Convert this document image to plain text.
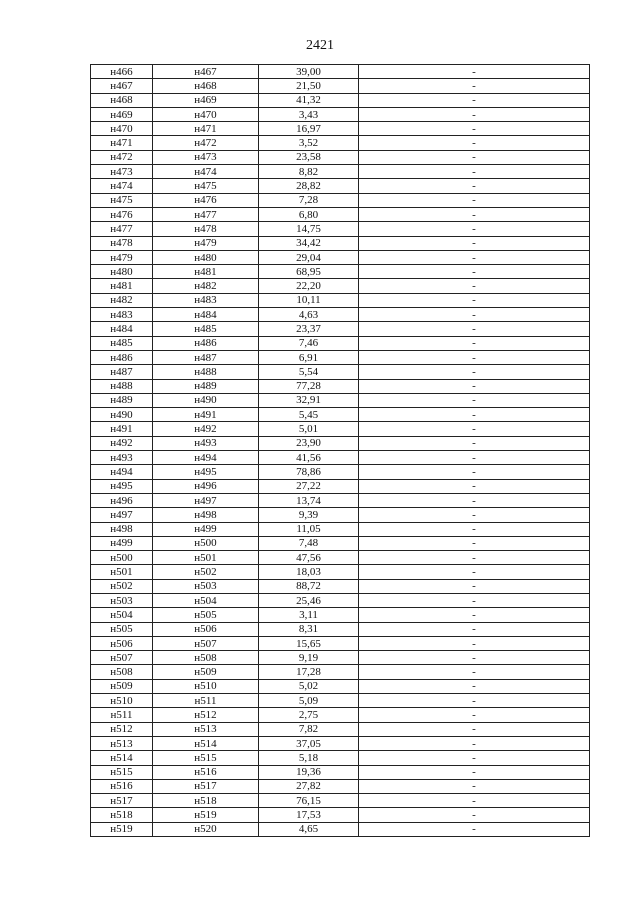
2421
н466	н467	39,00	-
н467	н468	21,50	-
н468	н469	41,32	-
н469	н470	3,43	-
н470	н471	16,97	-
н471	н472	3,52	-
н472	н473	23,58	-
н473	н474	8,82	-
н474	н475	28,82	-
н475	н476	7,28	-
н476	н477	6,80	-
н477	н478	14,75	-
н478	н479	34,42	-
н479	н480	29,04	-
н480	н481	68,95	-
н481	н482	22,20	-
н482	н483	10,11	-
н483	н484	4,63	-
н484	н485	23,37	-
н485	н486	7,46	-
н486	н487	6,91	-
н487	н488	5,54	-
н488	н489	77,28	-
н489	н490	32,91	-
н490	н491	5,45	-
н491	н492	5,01	-
н492	н493	23,90	-
н493	н494	41,56	-
н494	н495	78,86	-
н495	н496	27,22	-
н496	н497	13,74	-
н497	н498	9,39	-
н498	н499	11,05	-
н499	н500	7,48	-
н500	н501	47,56	-
н501	н502	18,03	-
н502	н503	88,72	-
н503	н504	25,46	-
н504	н505	3,11	-
н505	н506	8,31	-
н506	н507	15,65	-
н507	н508	9,19	-
н508	н509	17,28	-
н509	н510	5,02	-
н510	н511	5,09	-
н511	н512	2,75	-
н512	н513	7,82	-
н513	н514	37,05	-
н514	н515	5,18	-
н515	н516	19,36	-
н516	н517	27,82	-
н517	н518	76,15	-
н518	н519	17,53	-
н519	н520	4,65	-
